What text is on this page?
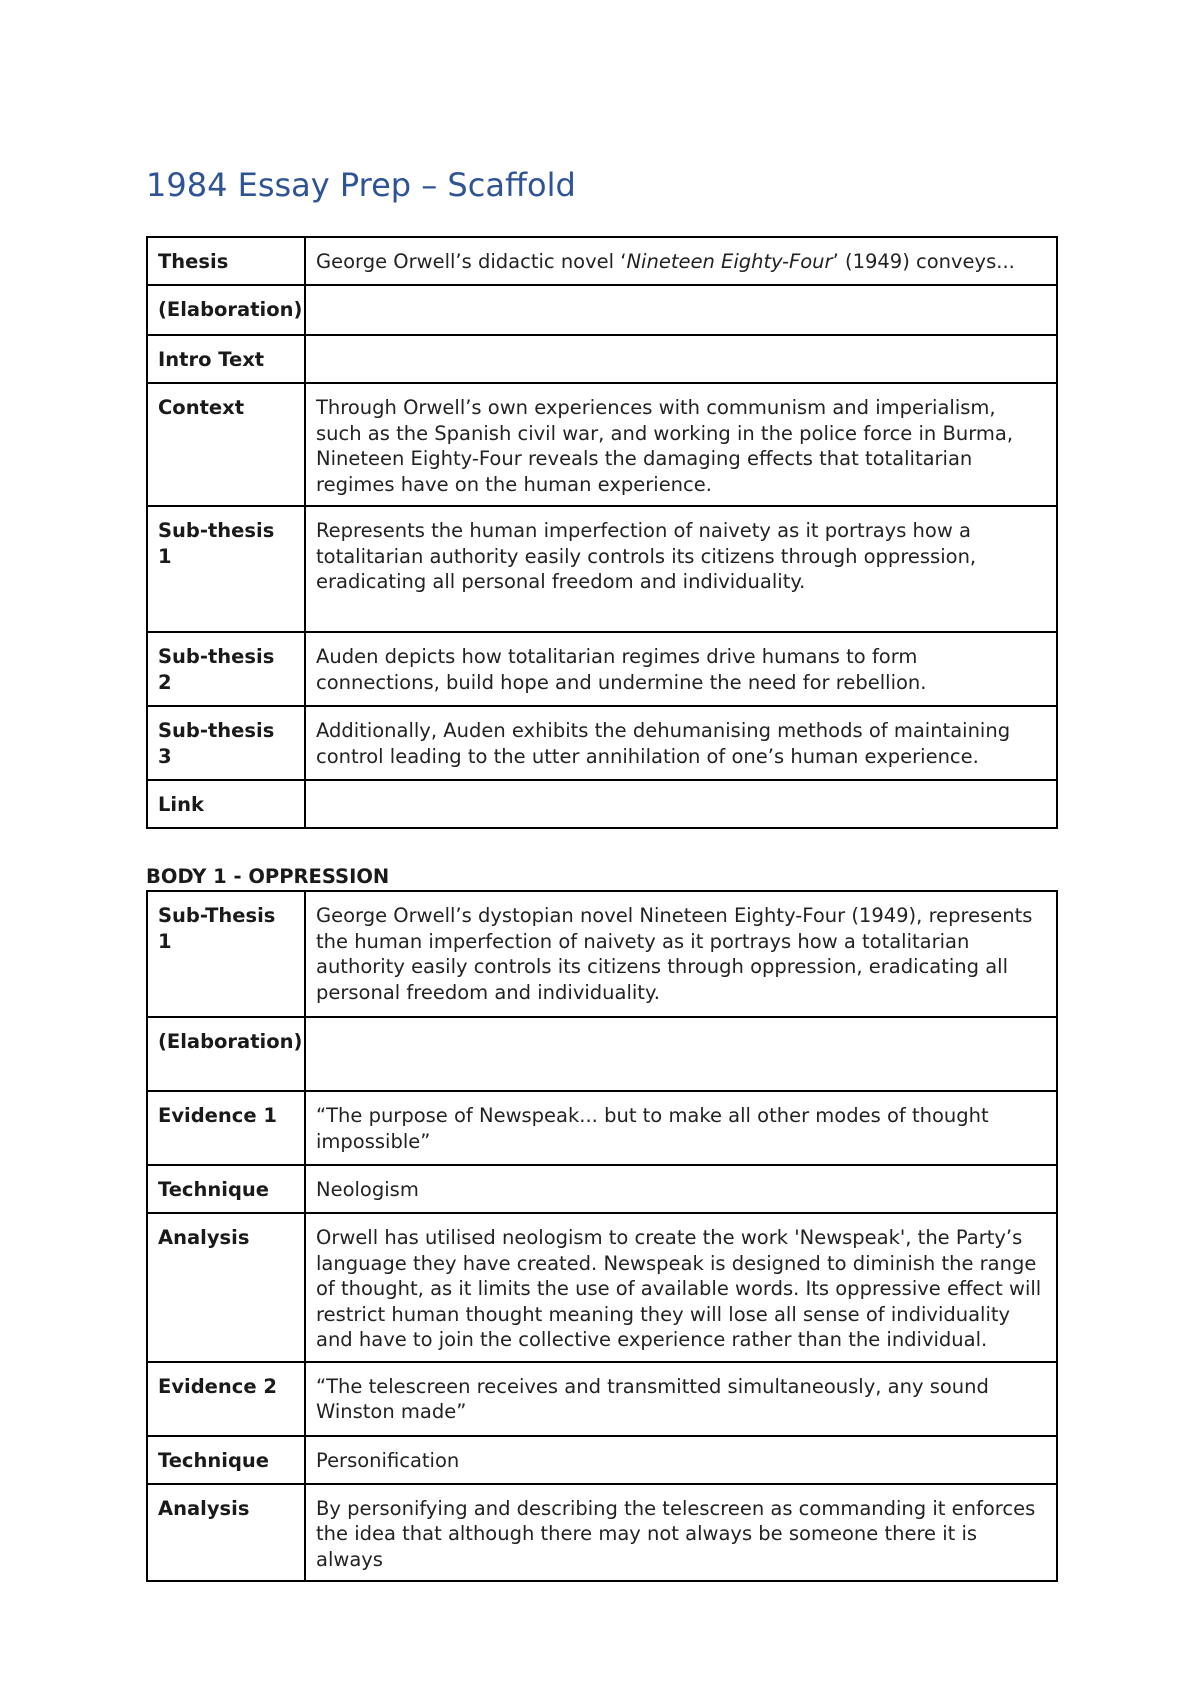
1984 Essay Prep – Scaffold
Thesis	George Orwell’s didactic novel ‘Nineteen Eighty-Four’ (1949) conveys...
(Elaboration)	
Intro Text	
Context	Through Orwell’s own experiences with communism and imperialism, such as the Spanish civil war, and working in the police force in Burma, Nineteen Eighty-Four reveals the damaging effects that totalitarian regimes have on the human experience.
Sub-thesis 1	Represents the human imperfection of naivety as it portrays how a totalitarian authority easily controls its citizens through oppression, eradicating all personal freedom and individuality.
Sub-thesis 2	Auden depicts how totalitarian regimes drive humans to form connections, build hope and undermine the need for rebellion.
Sub-thesis 3	Additionally, Auden exhibits the dehumanising methods of maintaining control leading to the utter annihilation of one’s human experience.
Link	
BODY 1 - OPPRESSION
Sub-Thesis 1	George Orwell’s dystopian novel Nineteen Eighty-Four (1949), represents the human imperfection of naivety as it portrays how a totalitarian authority easily controls its citizens through oppression, eradicating all personal freedom and individuality.
(Elaboration)	
Evidence 1	“The purpose of Newspeak... but to make all other modes of thought impossible”
Technique	Neologism
Analysis	Orwell has utilised neologism to create the work 'Newspeak', the Party’s language they have created. Newspeak is designed to diminish the range of thought, as it limits the use of available words. Its oppressive effect will restrict human thought meaning they will lose all sense of individuality and have to join the collective experience rather than the individual.
Evidence 2	“The telescreen receives and transmitted simultaneously, any sound Winston made”
Technique	Personification
Analysis	By personifying and describing the telescreen as commanding it enforces the idea that although there may not always be someone there it is always
